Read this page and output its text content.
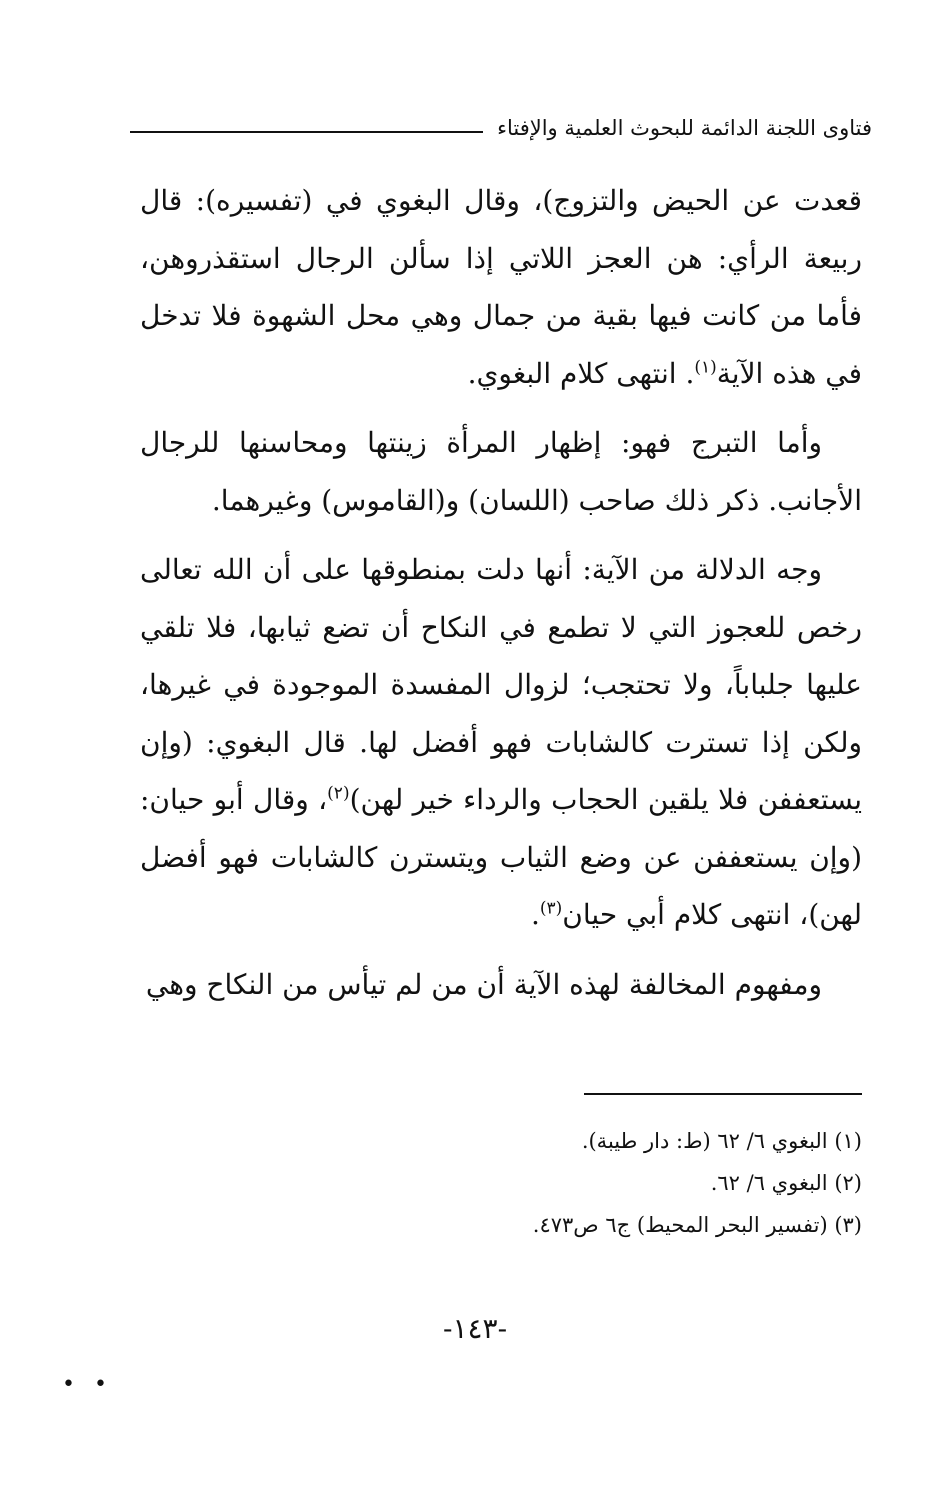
فتاوى اللجنة الدائمة للبحوث العلمية والإفتاء

قعدت عن الحيض والتزوج)، وقال البغوي في (تفسيره): قال ربيعة الرأي: هن العجز اللاتي إذا سألن الرجال استقذروهن، فأما من كانت فيها بقية من جمال وهي محل الشهوة فلا تدخل في هذه الآية$^{(١)}$. انتهى كلام البغوي.

وأما التبرج فهو: إظهار المرأة زينتها ومحاسنها للرجال الأجانب. ذكر ذلك صاحب (اللسان) و(القاموس) وغيرهما.

وجه الدلالة من الآية: أنها دلت بمنطوقها على أن الله تعالى رخص للعجوز التي لا تطمع في النكاح أن تضع ثيابها، فلا تلقي عليها جلباباً، ولا تحتجب؛ لزوال المفسدة الموجودة في غيرها، ولكن إذا تسترت كالشابات فهو أفضل لها. قال البغوي: (وإن يستعففن فلا يلقين الحجاب والرداء خير لهن)$^{(٢)}$، وقال أبو حيان: (وإن يستعففن عن وضع الثياب ويتسترن كالشابات فهو أفضل لهن)، انتهى كلام أبي حيان$^{(٣)}$.

ومفهوم المخالفة لهذه الآية أن من لم تيأس من النكاح وهي

(١) البغوي ٦/ ٦٢ (ط: دار طيبة).

(٢) البغوي ٦/ ٦٢.

(٣) (تفسير البحر المحيط) ج٦ ص٤٧٣.

-١٤٣-
• •
